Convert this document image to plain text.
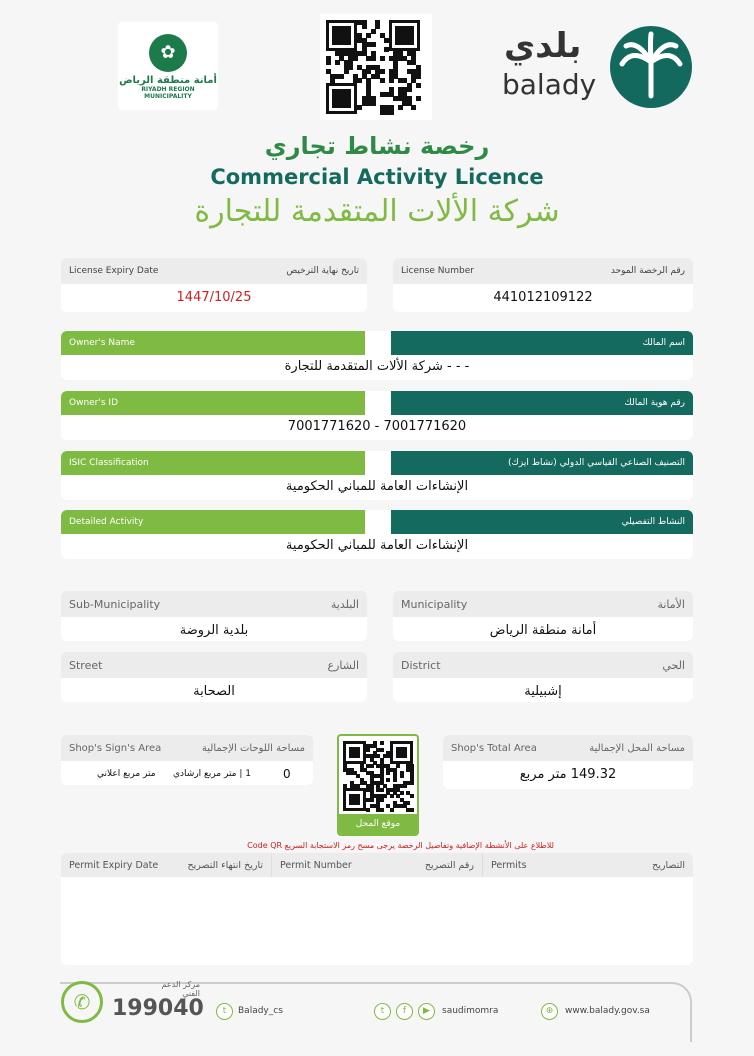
✿
أمانة منطقة الرياض
RIYADH REGION MUNICIPALITY
بلدي
balady
رخصة نشاط تجاري
Commercial Activity Licence
شركة الألات المتقدمة للتجارة
License Expiry Date	تاريخ نهاية الترخيص
1447/10/25
License Number	رقم الرخصة الموحد
441012109122
Owner's Name	اسم المالك
شركة الألات المتقدمة للتجارة - - -
Owner's ID	رقم هوية المالك
7001771620 - 7001771620
ISIC Classification	التصنيف الصناعي القياسي الدولي (نشاط ايزك)
الإنشاءات العامة للمباني الحكومية
Detailed Activity	النشاط التفصيلي
الإنشاءات العامة للمباني الحكومية
Sub-Municipality	البلدية
بلدية الروضة
Municipality	الأمانة
أمانة منطقة الرياض
Street	الشارع
الصحابة
District	الحي
إشبيلية
Shop's Sign's Area	مساحة اللوحات الإجمالية
متر مربع اعلاني 1 | متر مربع ارشادي	0
موقع المحل
Shop's Total Area	مساحة المحل الإجمالية
149.32 متر مربع
للاطلاع على الأنشطة الإضافية وتفاصيل الرخصة يرجى مسح رمز الاستجابة السريع Code QR
Permit Expiry Date	تاريخ انتهاء التصريح Permit Number	رقم التصريح Permits	التصاريح
✆
مركز الدعم الفني
199040	t	Balady_cs	t	f	▶	saudimomra	⊕	www.balady.gov.sa
